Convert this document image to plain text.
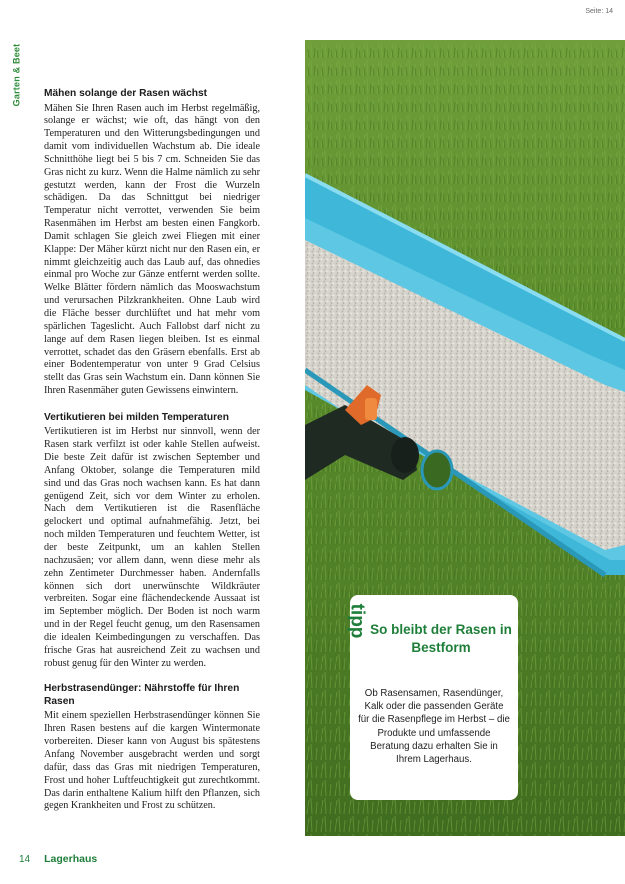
Seite: 14
Garten & Beet Mähen solange der Rasen wächst

Mähen Sie Ihren Rasen auch im Herbst regelmäßig, solange er wächst; wie oft, das hängt von den Temperaturen und den Witterungsbedingungen und damit vom individuellen Wachstum ab. Die ideale Schnitthöhe liegt bei 5 bis 7 cm. Schneiden Sie das Gras nicht zu kurz. Wenn die Halme nämlich zu sehr gestutzt werden, kann der Frost die Wurzeln schädigen. Da das Schnittgut bei niedriger Temperatur nicht verrottet, verwenden Sie beim Rasenmähen im Herbst am besten einen Fangkorb. Damit schlagen Sie gleich zwei Fliegen mit einer Klappe: Der Mäher kürzt nicht nur den Rasen ein, er nimmt gleichzeitig auch das Laub auf, das ohnedies einmal pro Woche zur Gänze entfernt werden sollte. Welke Blätter fördern nämlich das Mooswachstum und verursachen Pilzkrankheiten. Ohne Laub wird die Fläche besser durchlüftet und hat mehr vom spärlichen Tageslicht. Auch Fallobst darf nicht zu lange auf dem Rasen liegen bleiben. Ist es einmal verrottet, schadet das den Gräsern ebenfalls. Erst ab einer Bodentemperatur von unter 9 Grad Celsius stellt das Gras sein Wachstum ein. Dann können Sie Ihren Rasenmäher guten Gewissens einwintern.

Vertikutieren bei milden Temperaturen

Vertikutieren ist im Herbst nur sinnvoll, wenn der Rasen stark verfilzt ist oder kahle Stellen aufweist. Die beste Zeit dafür ist zwischen September und Anfang Oktober, solange die Temperaturen mild sind und das Gras noch wachsen kann. Es hat dann genügend Zeit, sich vor dem Winter zu erholen. Nach dem Vertikutieren ist die Rasenfläche gelockert und optimal aufnahmefähig. Jetzt, bei noch milden Temperaturen und feuchtem Wetter, ist der beste Zeitpunkt, um an kahlen Stellen nachzusäen; vor allem dann, wenn diese mehr als zehn Zentimeter Durchmesser haben. Andernfalls können sich dort unerwünschte Wildkräuter verbreiten. Sogar eine flächendeckende Aussaat ist im September möglich. Der Boden ist noch warm und in der Regel feucht genug, um den Rasensamen die idealen Keimbedingungen zu verschaffen. Das frische Gras hat ausreichend Zeit zu wachsen und robust genug für den Winter zu werden.

Herbstrasendünger: Nährstoffe für Ihren Rasen

Mit einem speziellen Herbstrasendünger können Sie Ihren Rasen bestens auf die kargen Wintermonate vorbereiten. Dieser kann von August bis spätestens Anfang November ausgebracht werden und sorgt dafür, dass das Gras mit niedrigen Temperaturen, Frost und hoher Luftfeuchtigkeit gut zurechtkommt. Das darin enthaltene Kalium hilft den Pflanzen, sich gegen Krankheiten und Frost zu schützen.

tipp So bleibt der Rasen in Bestform
Ob Rasensamen, Rasendünger, Kalk oder die passenden Geräte für die Rasenpflege im Herbst – die Produkte und umfassende Beratung dazu erhalten Sie in Ihrem Lagerhaus.
14 Lagerhaus
